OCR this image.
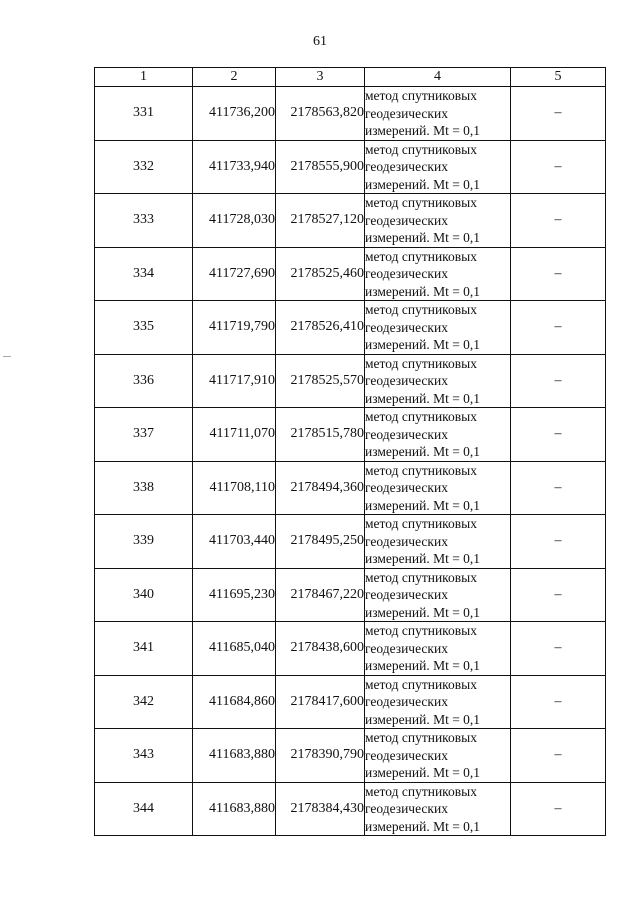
61
1	2	3	4	5
331	411736,200	2178563,820	метод спутниковых
геодезических
измерений. Mt = 0,1	–
332	411733,940	2178555,900	метод спутниковых
геодезических
измерений. Mt = 0,1	–
333	411728,030	2178527,120	метод спутниковых
геодезических
измерений. Mt = 0,1	–
334	411727,690	2178525,460	метод спутниковых
геодезических
измерений. Mt = 0,1	–
335	411719,790	2178526,410	метод спутниковых
геодезических
измерений. Mt = 0,1	–
336	411717,910	2178525,570	метод спутниковых
геодезических
измерений. Mt = 0,1	–
337	411711,070	2178515,780	метод спутниковых
геодезических
измерений. Mt = 0,1	–
338	411708,110	2178494,360	метод спутниковых
геодезических
измерений. Mt = 0,1	–
339	411703,440	2178495,250	метод спутниковых
геодезических
измерений. Mt = 0,1	–
340	411695,230	2178467,220	метод спутниковых
геодезических
измерений. Mt = 0,1	–
341	411685,040	2178438,600	метод спутниковых
геодезических
измерений. Mt = 0,1	–
342	411684,860	2178417,600	метод спутниковых
геодезических
измерений. Mt = 0,1	–
343	411683,880	2178390,790	метод спутниковых
геодезических
измерений. Mt = 0,1	–
344	411683,880	2178384,430	метод спутниковых
геодезических
измерений. Mt = 0,1	–
